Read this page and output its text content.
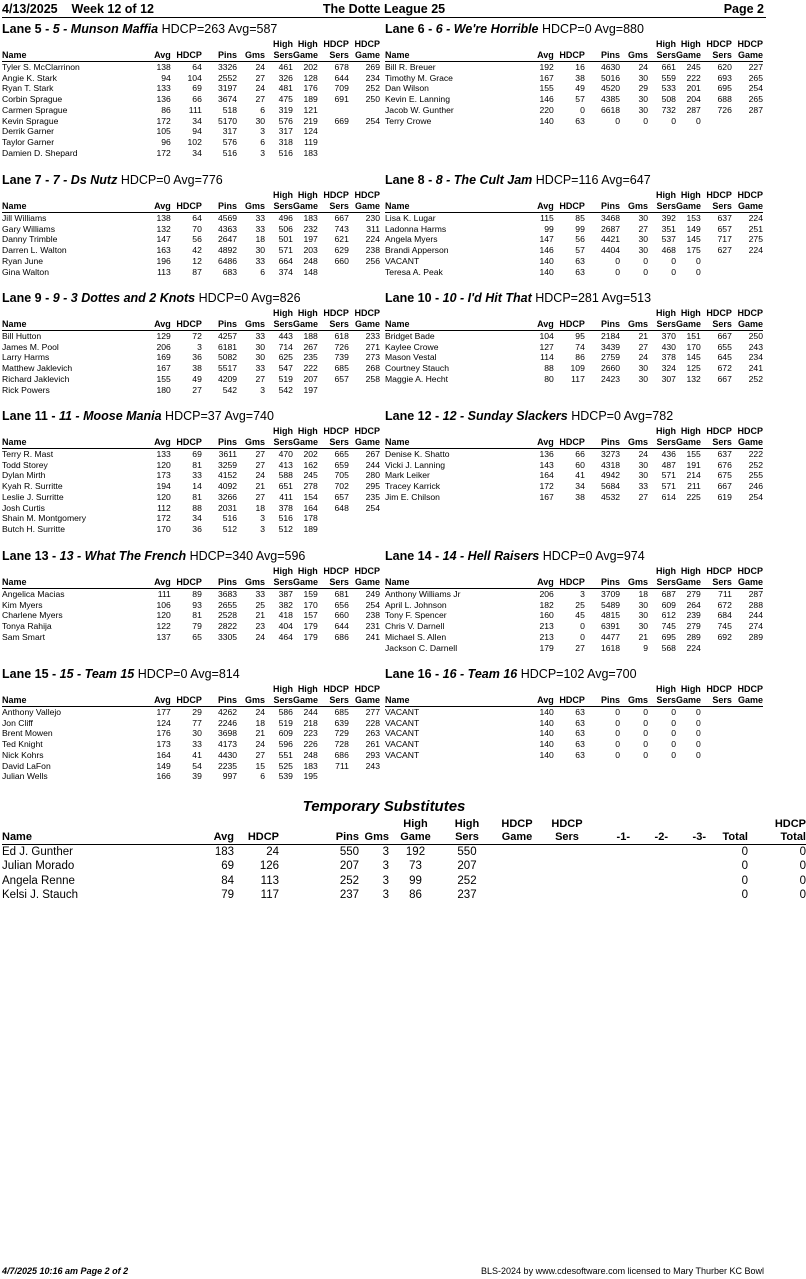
4/13/2025 Week 12 of 12	The Dotte League 25	Page 2
Lane 5 - 5 - Munson Maffia HDCP=263 Avg=587
					High	High	HDCP	HDCP
Name	Avg	HDCP	Pins	Gms	Sers	Game	Sers	Game
Tyler S. McClarrinon	138	64	3326	24	461	202	678	269
Angie K. Stark	94	104	2552	27	326	128	644	234
Ryan T. Stark	133	69	3197	24	481	176	709	252
Corbin Sprague	136	66	3674	27	475	189	691	250
Carmen Sprague	86	111	518	6	319	121		
Kevin Sprague	172	34	5170	30	576	219	669	254
Derrik Garner	105	94	317	3	317	124		
Taylor Garner	96	102	576	6	318	119		
Damien D. Shepard	172	34	516	3	516	183		
Lane 6 - 6 - We're Horrible HDCP=0 Avg=880
					High	High	HDCP	HDCP
Name	Avg	HDCP	Pins	Gms	Sers	Game	Sers	Game
Bill R. Breuer	192	16	4630	24	661	245	620	227
Timothy M. Grace	167	38	5016	30	559	222	693	265
Dan Wilson	155	49	4520	29	533	201	695	254
Kevin E. Lanning	146	57	4385	30	508	204	688	265
Jacob W. Gunther	220	0	6618	30	732	287	726	287
Terry Crowe	140	63	0	0	0	0		
Lane 7 - 7 - Ds Nutz HDCP=0 Avg=776
					High	High	HDCP	HDCP
Name	Avg	HDCP	Pins	Gms	Sers	Game	Sers	Game
Jill Williams	138	64	4569	33	496	183	667	230
Gary Williams	132	70	4363	33	506	232	743	311
Danny Trimble	147	56	2647	18	501	197	621	224
Darren L. Walton	163	42	4892	30	571	203	629	238
Ryan June	196	12	6486	33	664	248	660	256
Gina Walton	113	87	683	6	374	148		
Lane 8 - 8 - The Cult Jam HDCP=116 Avg=647
					High	High	HDCP	HDCP
Name	Avg	HDCP	Pins	Gms	Sers	Game	Sers	Game
Lisa K. Lugar	115	85	3468	30	392	153	637	224
Ladonna Harms	99	99	2687	27	351	149	657	251
Angela Myers	147	56	4421	30	537	145	717	275
Brandi Apperson	146	57	4404	30	468	175	627	224
VACANT	140	63	0	0	0	0		
Teresa A. Peak	140	63	0	0	0	0		
Lane 9 - 9 - 3 Dottes and 2 Knots HDCP=0 Avg=826
					High	High	HDCP	HDCP
Name	Avg	HDCP	Pins	Gms	Sers	Game	Sers	Game
Bill Hutton	129	72	4257	33	443	188	618	233
James M. Pool	206	3	6181	30	714	267	726	271
Larry Harms	169	36	5082	30	625	235	739	273
Matthew Jaklevich	167	38	5517	33	547	222	685	268
Richard Jaklevich	155	49	4209	27	519	207	657	258
Rick Powers	180	27	542	3	542	197		
Lane 10 - 10 - I'd Hit That HDCP=281 Avg=513
					High	High	HDCP	HDCP
Name	Avg	HDCP	Pins	Gms	Sers	Game	Sers	Game
Bridget Bade	104	95	2184	21	370	151	667	250
Kaylee Crowe	127	74	3439	27	430	170	655	243
Mason Vestal	114	86	2759	24	378	145	645	234
Courtney Stauch	88	109	2660	30	324	125	672	241
Maggie A. Hecht	80	117	2423	30	307	132	667	252
Lane 11 - 11 - Moose Mania HDCP=37 Avg=740
					High	High	HDCP	HDCP
Name	Avg	HDCP	Pins	Gms	Sers	Game	Sers	Game
Terry R. Mast	133	69	3611	27	470	202	665	267
Todd Storey	120	81	3259	27	413	162	659	244
Dylan Mirth	173	33	4152	24	588	245	705	280
Kyah R. Surritte	194	14	4092	21	651	278	702	295
Leslie J. Surritte	120	81	3266	27	411	154	657	235
Josh Curtis	112	88	2031	18	378	164	648	254
Shain M. Montgomery	172	34	516	3	516	178		
Butch H. Surritte	170	36	512	3	512	189		
Lane 12 - 12 - Sunday Slackers HDCP=0 Avg=782
					High	High	HDCP	HDCP
Name	Avg	HDCP	Pins	Gms	Sers	Game	Sers	Game
Denise K. Shatto	136	66	3273	24	436	155	637	222
Vicki J. Lanning	143	60	4318	30	487	191	676	252
Mark Leiker	164	41	4942	30	571	214	675	255
Tracey Karrick	172	34	5684	33	571	211	667	246
Jim E. Chilson	167	38	4532	27	614	225	619	254
Lane 13 - 13 - What The French HDCP=340 Avg=596
					High	High	HDCP	HDCP
Name	Avg	HDCP	Pins	Gms	Sers	Game	Sers	Game
Angelica Macias	111	89	3683	33	387	159	681	249
Kim Myers	106	93	2655	25	382	170	656	254
Charlene Myers	120	81	2528	21	418	157	660	238
Tonya Rahija	122	79	2822	23	404	179	644	231
Sam Smart	137	65	3305	24	464	179	686	241
Lane 14 - 14 - Hell Raisers HDCP=0 Avg=974
					High	High	HDCP	HDCP
Name	Avg	HDCP	Pins	Gms	Sers	Game	Sers	Game
Anthony Williams Jr	206	3	3709	18	687	279	711	287
April L. Johnson	182	25	5489	30	609	264	672	288
Tony F. Spencer	160	45	4815	30	612	239	684	244
Chris V. Darnell	213	0	6391	30	745	279	745	274
Michael S. Allen	213	0	4477	21	695	289	692	289
Jackson C. Darnell	179	27	1618	9	568	224		
Lane 15 - 15 - Team 15 HDCP=0 Avg=814
					High	High	HDCP	HDCP
Name	Avg	HDCP	Pins	Gms	Sers	Game	Sers	Game
Anthony Vallejo	177	29	4262	24	586	244	685	277
Jon Cliff	124	77	2246	18	519	218	639	228
Brent Mowen	176	30	3698	21	609	223	729	263
Ted Knight	173	33	4173	24	596	226	728	261
Nick Kohrs	164	41	4430	27	551	248	686	293
David LaFon	149	54	2235	15	525	183	711	243
Julian Wells	166	39	997	6	539	195		
Lane 16 - 16 - Team 16 HDCP=102 Avg=700
					High	High	HDCP	HDCP
Name	Avg	HDCP	Pins	Gms	Sers	Game	Sers	Game
VACANT	140	63	0	0	0	0		
VACANT	140	63	0	0	0	0		
VACANT	140	63	0	0	0	0		
VACANT	140	63	0	0	0	0		
VACANT	140	63	0	0	0	0		
Temporary Substitutes
					High	High	HDCP	HDCP					HDCP
Name	Avg	HDCP	Pins	Gms	Game	Sers	Game	Sers	-1-	-2-	-3-	Total	Total
Ed J. Gunther	183	24	550	3	192	550						0	0
Julian Morado	69	126	207	3	73	207						0	0
Angela Renne	84	113	252	3	99	252						0	0
Kelsi J. Stauch	79	117	237	3	86	237						0	0
4/7/2025 10:16 am Page 2 of 2	BLS-2024 by www.cdesoftware.com licensed to Mary Thurber KC Bowl
